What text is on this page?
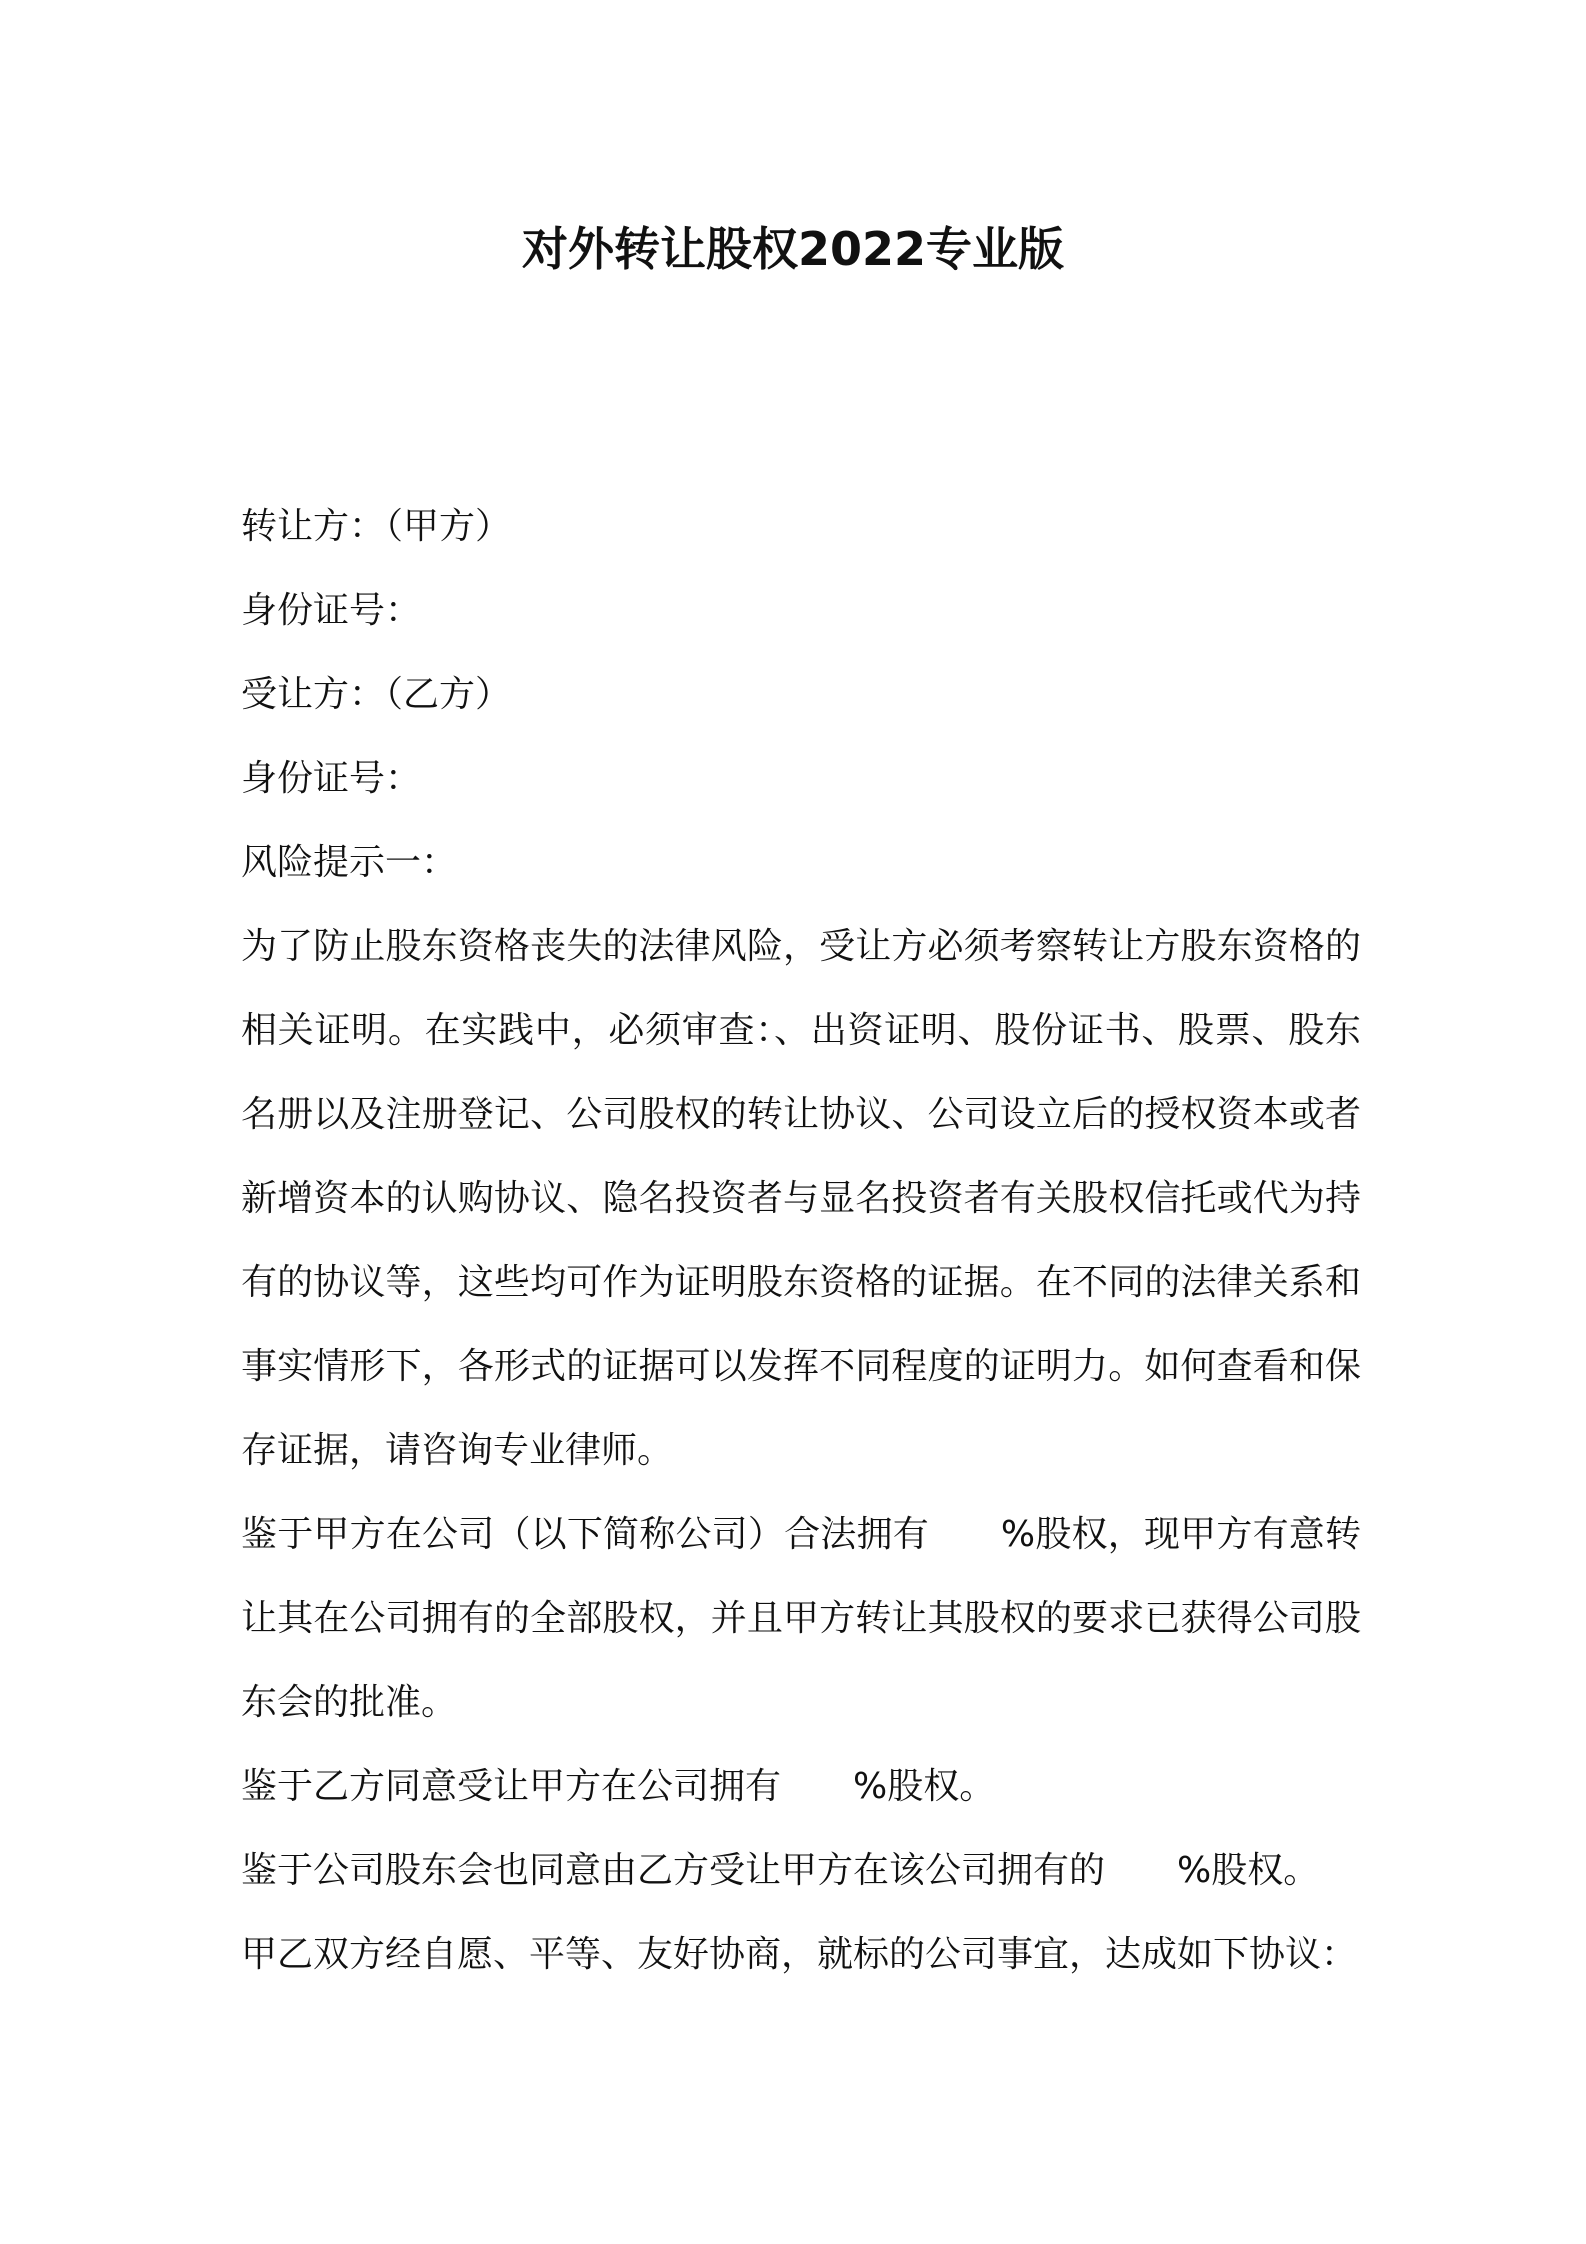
对外转让股权2022专业版
转让方：（甲方）
身份证号：
受让方：（乙方）
身份证号：
风险提示一：

为了防止股东资格丧失的法律风险，受让方必须考察转让方股东资格的相关证明。在实践中，必须审查：、出资证明、股份证书、股票、股东名册以及注册登记、公司股权的转让协议、公司设立后的授权资本或者新增资本的认购协议、隐名投资者与显名投资者有关股权信托或代为持有的协议等，这些均可作为证明股东资格的证据。在不同的法律关系和事实情形下，各形式的证据可以发挥不同程度的证明力。如何查看和保存证据，请咨询专业律师。

鉴于甲方在公司（以下简称公司）合法拥有 %股权，现甲方有意转让其在公司拥有的全部股权，并且甲方转让其股权的要求已获得公司股东会的批准。

鉴于乙方同意受让甲方在公司拥有 %股权。

鉴于公司股东会也同意由乙方受让甲方在该公司拥有的 %股权。

甲乙双方经自愿、平等、友好协商，就标的公司事宜，达成如下协议：
